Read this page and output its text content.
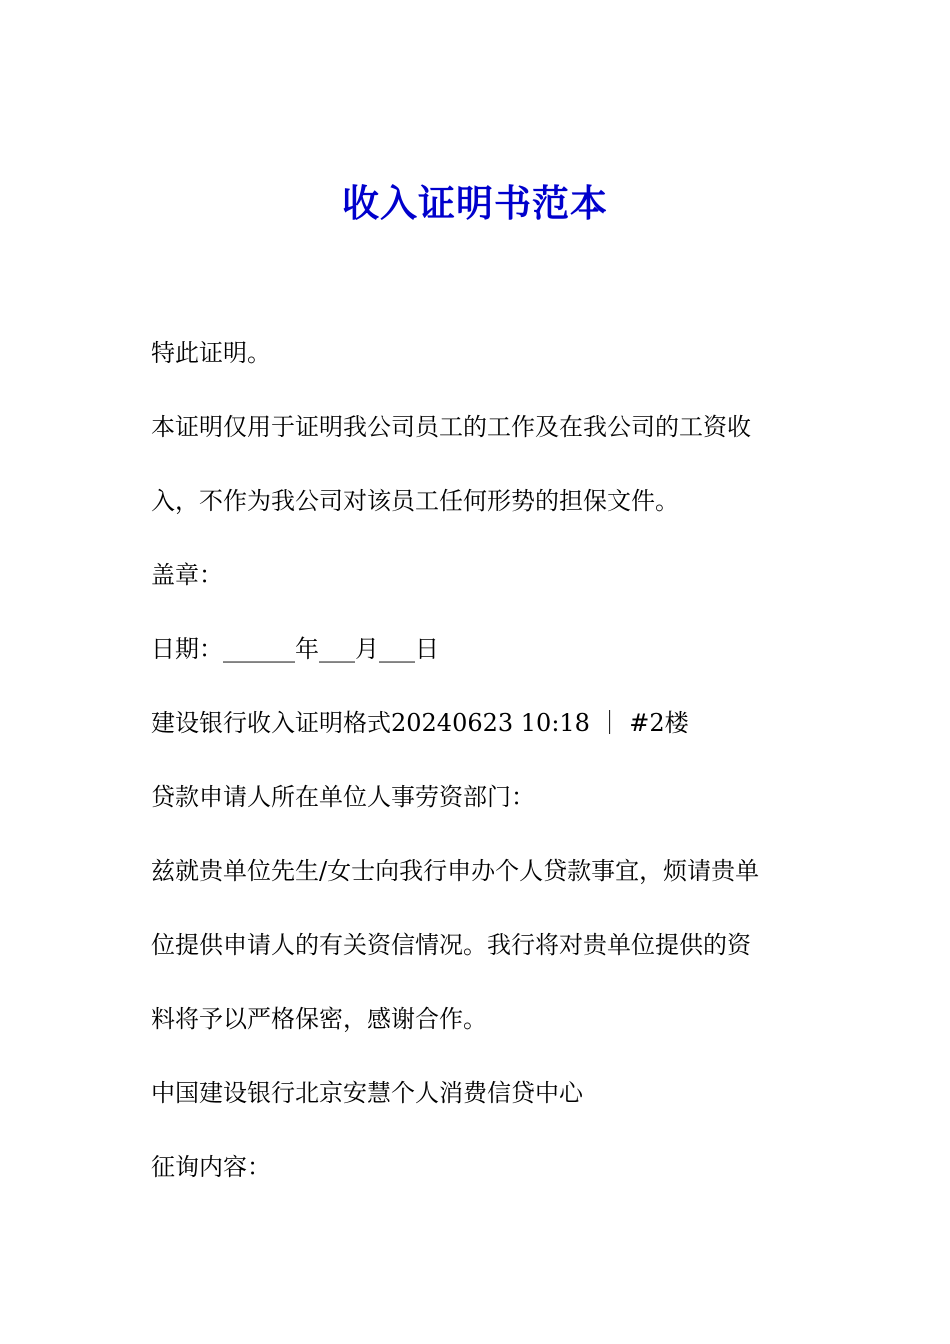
收入证明书范本

特此证明。

本证明仅用于证明我公司员工的工作及在我公司的工资收

入，不作为我公司对该员工任何形势的担保文件。

盖章：

日期：______年___月___日

建设银行收入证明格式20240623 10:18 ｜ #2楼

贷款申请人所在单位人事劳资部门：

兹就贵单位先生/女士向我行申办个人贷款事宜，烦请贵单

位提供申请人的有关资信情况。我行将对贵单位提供的资

料将予以严格保密，感谢合作。

中国建设银行北京安慧个人消费信贷中心

征询内容：
